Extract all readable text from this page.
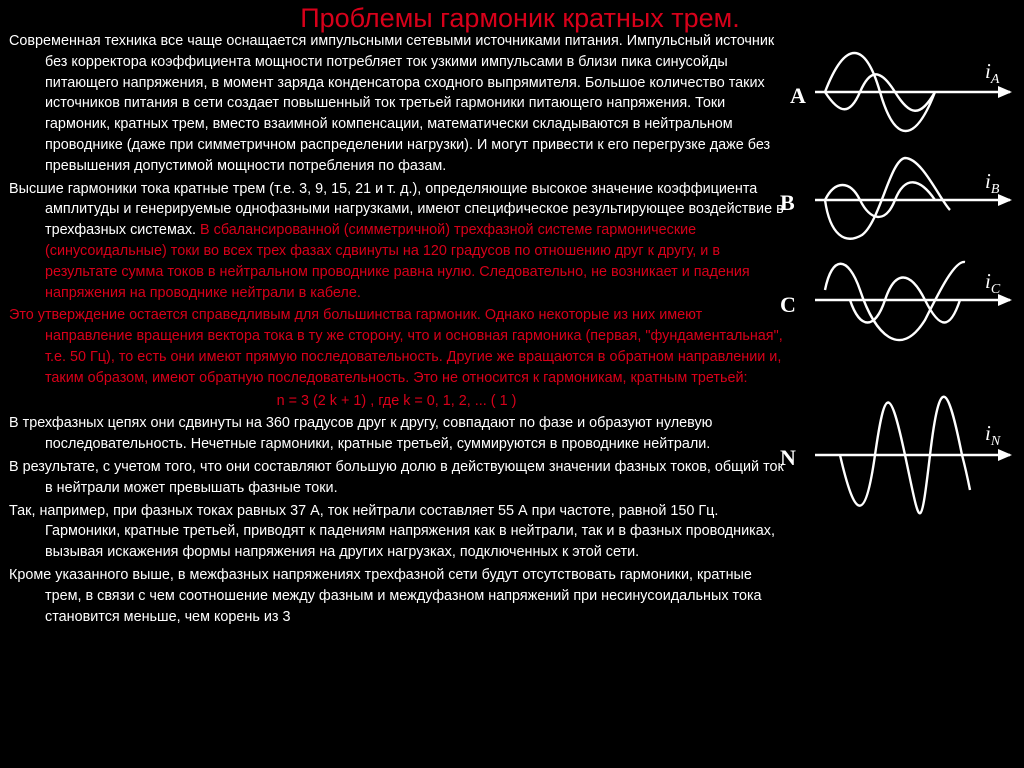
Проблемы гармоник кратных трем.

Современная техника все чаще оснащается импульсными сетевыми источниками питания. Импульсный источник без корректора коэффициента мощности потребляет ток узкими импульсами в близи пика синусойды питающего напряжения, в момент заряда конденсатора сходного выпрямителя. Большое количество таких источников питания в сети создает повышенный ток третьей гармоники питающего напряжения. Токи гармоник, кратных трем, вместо взаимной компенсации, математически складываются в нейтральном проводнике (даже при симметричном распределении нагрузки). И могут привести к его перегрузке даже без превышения допустимой мощности потребления по фазам.

Высшие гармоники тока кратные трем (т.е. 3, 9, 15, 21 и т. д.), определяющие высокое значение коэффициента амплитуды и генерируемые однофазными нагрузками, имеют специфическое результирующее воздействие в трехфазных системах. В сбалансированной (симметричной) трехфазной системе гармонические (синусоидальные) токи во всех трех фазах сдвинуты на 120 градусов по отношению друг к другу, и в результате сумма токов в нейтральном проводнике равна нулю. Следовательно, не возникает и падения напряжения на проводнике нейтрали в кабеле.

Это утверждение остается справедливым для большинства гармоник. Однако некоторые из них имеют направление вращения вектора тока в ту же сторону, что и основная гармоника (первая, "фундаментальная", т.е. 50 Гц), то есть они имеют прямую последовательность. Другие же вращаются в обратном направлении и, таким образом, имеют обратную последовательность. Это не относится к гармоникам, кратным третьей:

n = 3 (2 k + 1) , где k = 0, 1, 2, ... ( 1 )

В трехфазных цепях они сдвинуты на 360 градусов друг к другу, совпадают по фазе и образуют нулевую последовательность. Нечетные гармоники, кратные третьей, суммируются в проводнике нейтрали.

В результате, с учетом того, что они составляют большую долю в действующем значении фазных токов, общий ток в нейтрали может превышать фазные токи.

Так, например, при фазных токах равных 37 А, ток нейтрали составляет 55 А при частоте, равной 150 Гц. Гармоники, кратные третьей, приводят к падениям напряжения как в нейтрали, так и в фазных проводниках, вызывая искажения формы напряжения на других нагрузках, подключенных к этой сети.

Кроме указанного выше, в межфазных напряжениях трехфазной сети будут отсутствовать гармоники, кратные трем, в связи с чем соотношение между фазным и междуфазном напряжений при несинусоидальных тока становится меньше, чем корень из 3

A
$i_A$
B
$i_B$
C
$i_C$
N
$i_N$
